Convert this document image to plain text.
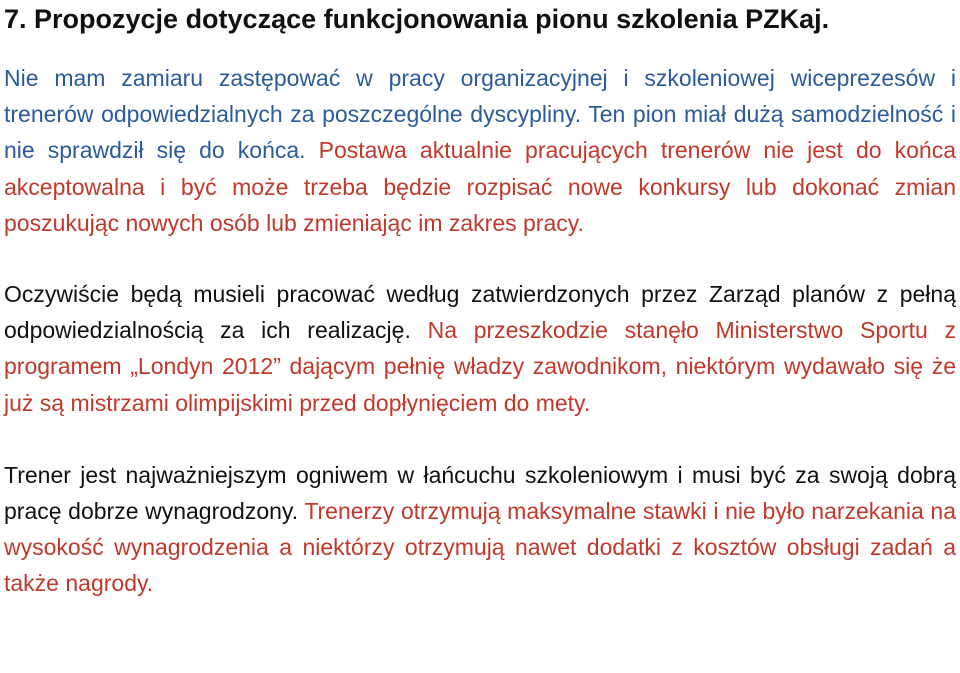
7. Propozycje dotyczące funkcjonowania pionu szkolenia PZKaj.

Nie mam zamiaru zastępować w pracy organizacyjnej i szkoleniowej wiceprezesów i trenerów odpowiedzialnych za poszczególne dyscypliny. Ten pion miał dużą samodzielność i nie sprawdził się do końca. Postawa aktualnie pracujących trenerów nie jest do końca akceptowalna i być może trzeba będzie rozpisać nowe konkursy lub dokonać zmian poszukując nowych osób lub zmieniając im zakres pracy.

Oczywiście będą musieli pracować według zatwierdzonych przez Zarząd planów z pełną odpowiedzialnością za ich realizację. Na przeszkodzie stanęło Ministerstwo Sportu z programem „Londyn 2012” dającym pełnię władzy zawodnikom, niektórym wydawało się że już są mistrzami olimpijskimi przed dopłynięciem do mety.

Trener jest najważniejszym ogniwem w łańcuchu szkoleniowym i musi być za swoją dobrą pracę dobrze wynagrodzony. Trenerzy otrzymują maksymalne stawki i nie było narzekania na wysokość wynagrodzenia a niektórzy otrzymują nawet dodatki z kosztów obsługi zadań a także nagrody.
